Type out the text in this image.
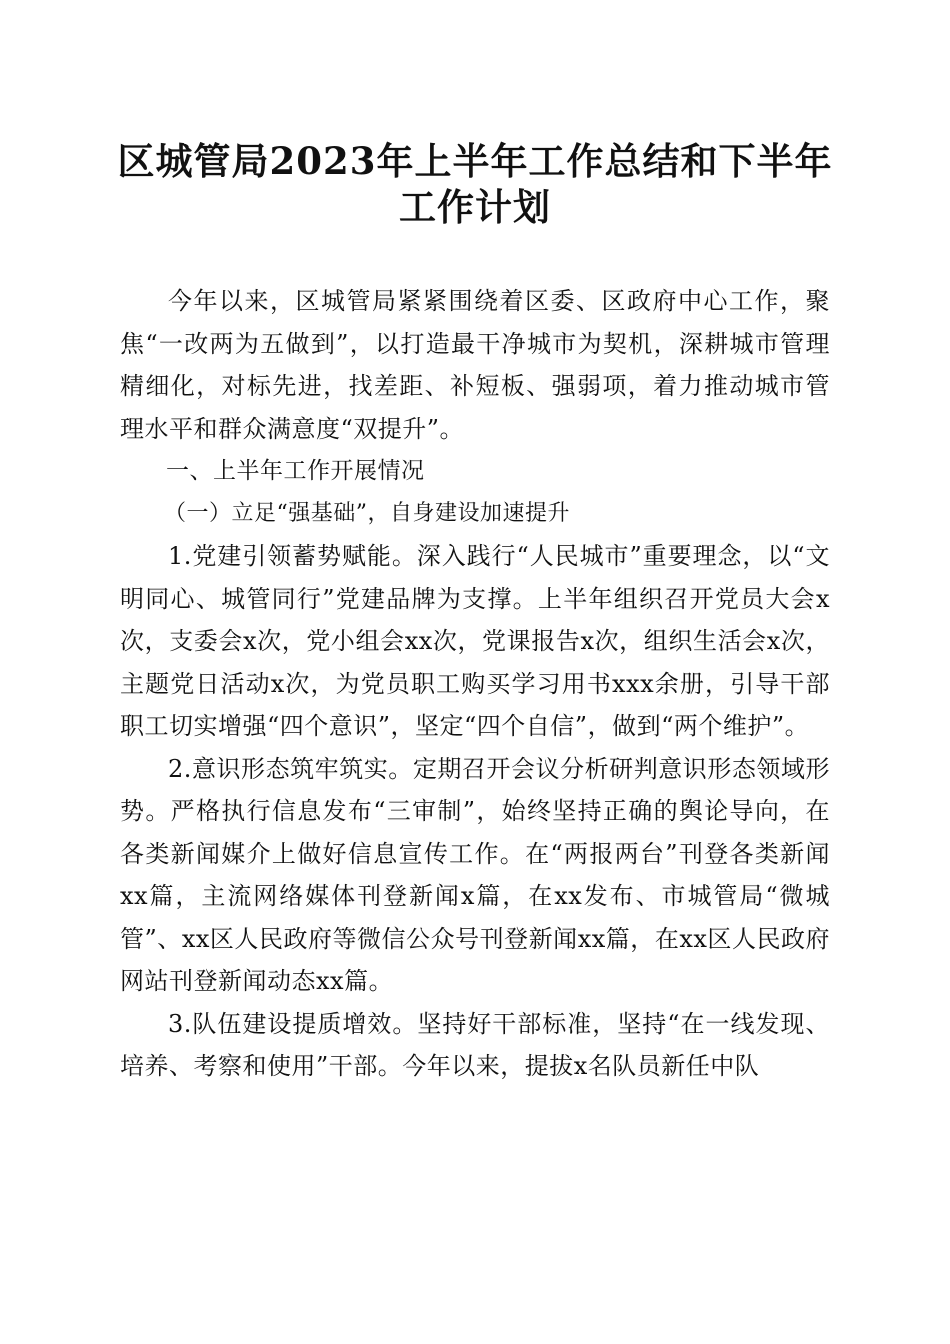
区城管局2023年上半年工作总结和下半年工作计划

今年以来，区城管局紧紧围绕着区委、区政府中心工作，聚焦“一改两为五做到”，以打造最干净城市为契机，深耕城市管理精细化，对标先进，找差距、补短板、强弱项，着力推动城市管理水平和群众满意度“双提升”。

一、上半年工作开展情况

（一）立足“强基础”，自身建设加速提升

1.党建引领蓄势赋能。深入践行“人民城市”重要理念，以“文明同心、城管同行”党建品牌为支撑。上半年组织召开党员大会x次，支委会x次，党小组会xx次，党课报告x次，组织生活会x次，主题党日活动x次，为党员职工购买学习用书xxx余册，引导干部职工切实增强“四个意识”，坚定“四个自信”，做到“两个维护”。

2.意识形态筑牢筑实。定期召开会议分析研判意识形态领域形势。严格执行信息发布“三审制”，始终坚持正确的舆论导向，在各类新闻媒介上做好信息宣传工作。在“两报两台”刊登各类新闻xx篇，主流网络媒体刊登新闻x篇，在xx发布、市城管局“微城管”、xx区人民政府等微信公众号刊登新闻xx篇，在xx区人民政府网站刊登新闻动态xx篇。

3.队伍建设提质增效。坚持好干部标准，坚持“在一线发现、培养、考察和使用”干部。今年以来，提拔x名队员新任中队
